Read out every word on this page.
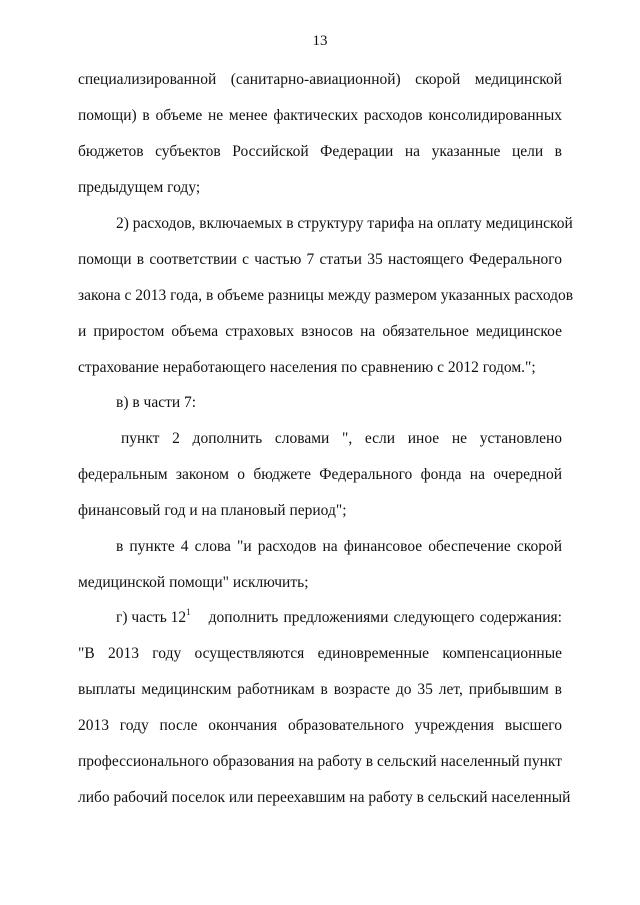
13
специализированной (санитарно-авиационной) скорой медицинской
помощи) в объеме не менее фактических расходов консолидированных
бюджетов субъектов Российской Федерации на указанные цели в
предыдущем году;
2) расходов, включаемых в структуру тарифа на оплату медицинской
помощи в соответствии с частью 7 статьи 35 настоящего Федерального
закона с 2013 года, в объеме разницы между размером указанных расходов
и приростом объема страховых взносов на обязательное медицинское
страхование неработающего населения по сравнению с 2012 годом.";
в) в части 7:
пункт 2 дополнить словами ", если иное не установлено
федеральным законом о бюджете Федерального фонда на очередной
финансовый год и на плановый период";
в пункте 4 слова "и расходов на финансовое обеспечение скорой
медицинской помощи" исключить;
г) часть $12^1$ дополнить предложениями следующего содержания:
"В 2013 году осуществляются единовременные компенсационные
выплаты медицинским работникам в возрасте до 35 лет, прибывшим в
2013 году после окончания образовательного учреждения высшего
профессионального образования на работу в сельский населенный пункт
либо рабочий поселок или переехавшим на работу в сельский населенный
